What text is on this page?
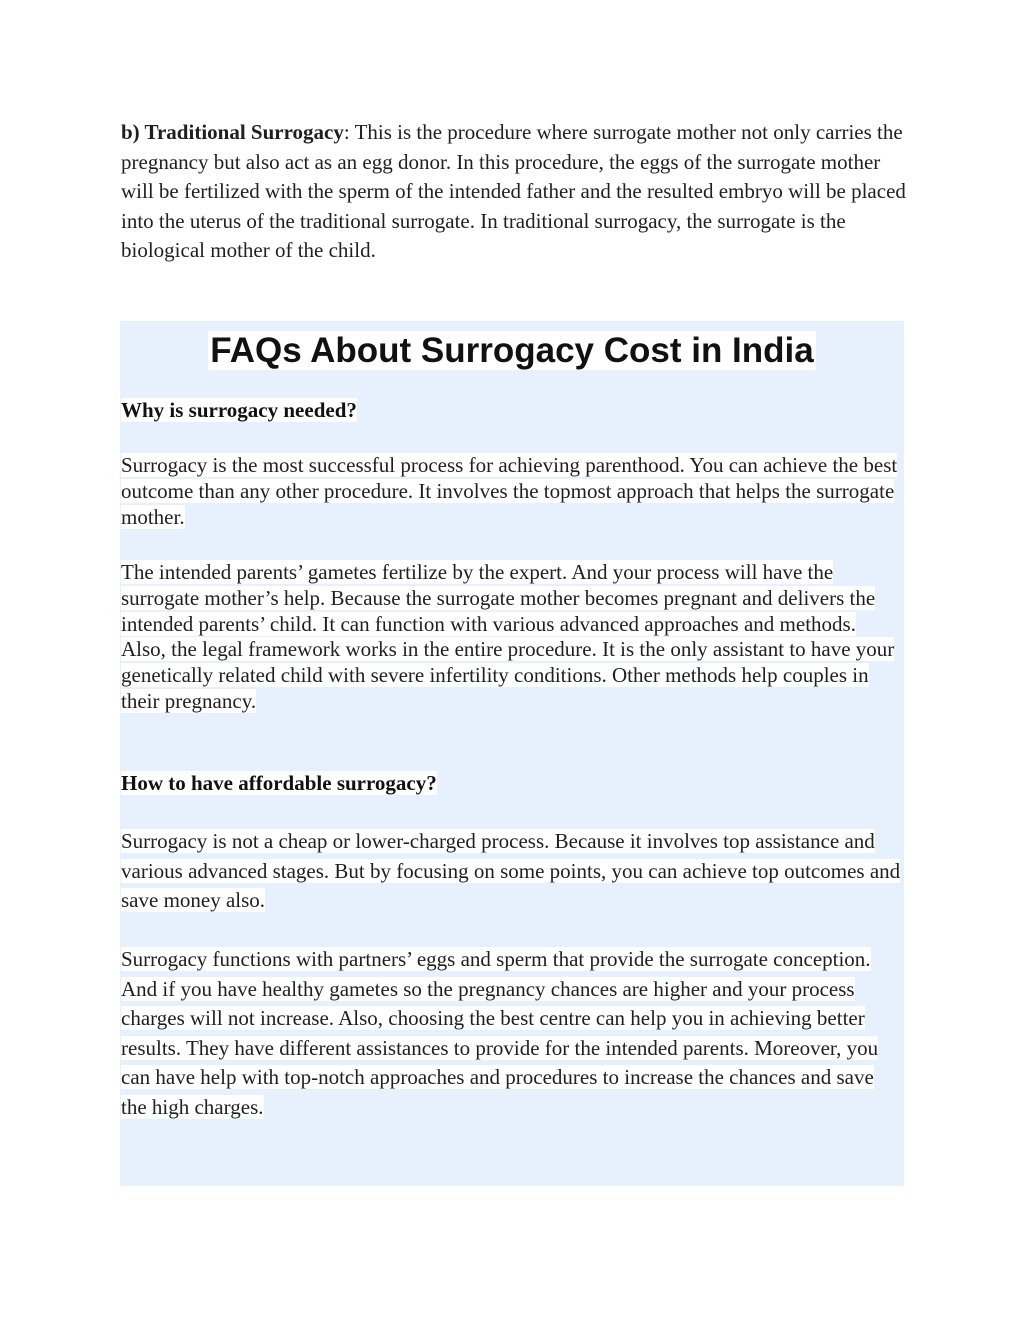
b) Traditional Surrogacy: This is the procedure where surrogate mother not only carries the pregnancy but also act as an egg donor. In this procedure, the eggs of the surrogate mother will be fertilized with the sperm of the intended father and the resulted embryo will be placed into the uterus of the traditional surrogate. In traditional surrogacy, the surrogate is the biological mother of the child.
FAQs About Surrogacy Cost in India
Why is surrogacy needed?
Surrogacy is the most successful process for achieving parenthood. You can achieve the best outcome than any other procedure. It involves the topmost approach that helps the surrogate mother.
The intended parents’ gametes fertilize by the expert. And your process will have the surrogate mother’s help. Because the surrogate mother becomes pregnant and delivers the intended parents’ child. It can function with various advanced approaches and methods. Also, the legal framework works in the entire procedure. It is the only assistant to have your genetically related child with severe infertility conditions. Other methods help couples in their pregnancy.
How to have affordable surrogacy?
Surrogacy is not a cheap or lower-charged process. Because it involves top assistance and various advanced stages. But by focusing on some points, you can achieve top outcomes and save money also.
Surrogacy functions with partners’ eggs and sperm that provide the surrogate conception. And if you have healthy gametes so the pregnancy chances are higher and your process charges will not increase. Also, choosing the best centre can help you in achieving better results. They have different assistances to provide for the intended parents. Moreover, you can have help with top-notch approaches and procedures to increase the chances and save the high charges.
